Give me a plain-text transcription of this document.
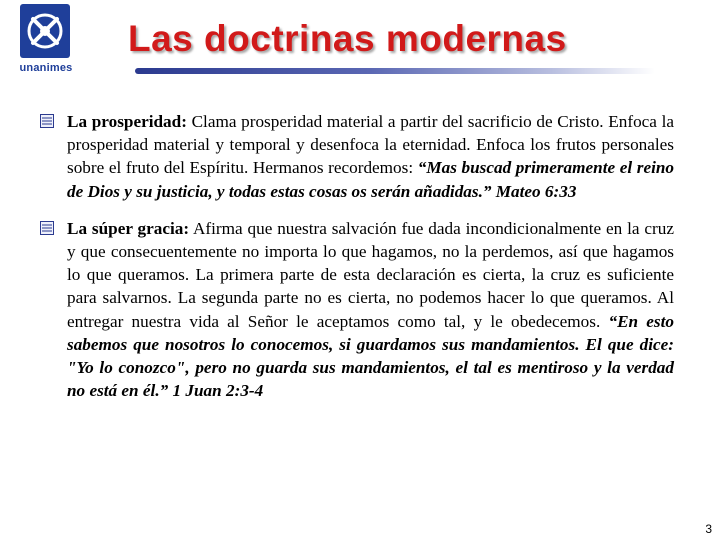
unanimes
Las doctrinas modernas
La prosperidad: Clama prosperidad material a partir del sacrificio de Cristo. Enfoca la prosperidad material y temporal y desenfoca la eternidad. Enfoca los frutos personales sobre el fruto del Espíritu. Hermanos recordemos: “Mas buscad primeramente el reino de Dios y su justicia, y todas estas cosas os serán añadidas.” Mateo 6:33
La súper gracia: Afirma que nuestra salvación fue dada incondicionalmente en la cruz y que consecuentemente no importa lo que hagamos, no la perdemos, así que hagamos lo que queramos. La primera parte de esta declaración es cierta, la cruz es suficiente para salvarnos. La segunda parte no es cierta, no podemos hacer lo que queramos. Al entregar nuestra vida al Señor le aceptamos como tal, y le obedecemos. “En esto sabemos que nosotros lo conocemos, si guardamos sus mandamientos. El que dice: "Yo lo conozco", pero no guarda sus mandamientos, el tal es mentiroso y la verdad no está en él.” 1 Juan 2:3-4
3
